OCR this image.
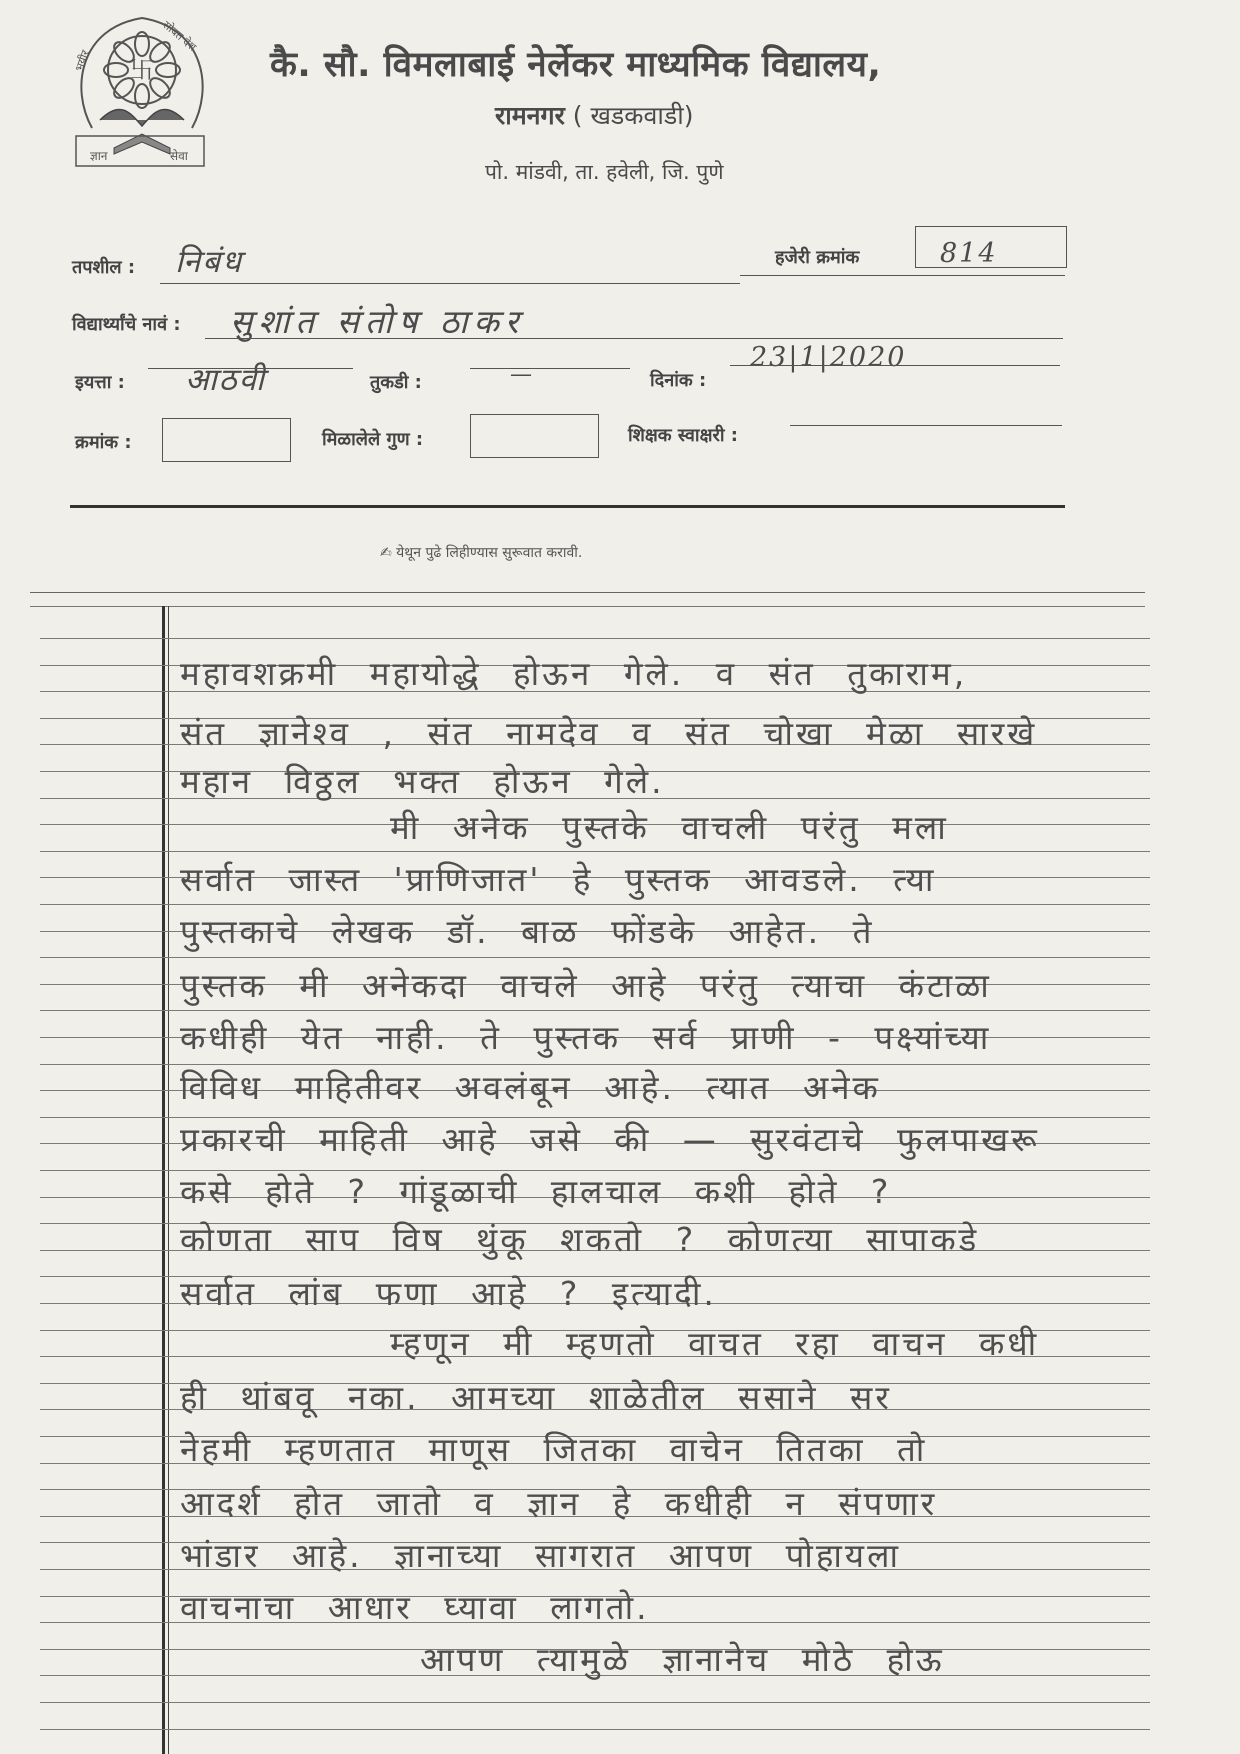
卐
भयीर
सोबत देश
ज्ञान	सेवा
कै. सौ. विमलाबाई नेर्लेकर माध्यमिक विद्यालय,
रामनगर ( खडकवाडी)
पो. मांडवी, ता. हवेली, जि. पुणे
तपशील : निबंध	हजेरी क्रमांक	814
विद्यार्थ्यांचे नावं : सुशांत संतोष ठाकर
इयत्ता : आठवी	तुकडी :	—	दिनांक :
23|1|2020
क्रमांक :	मिळालेले गुण :	शिक्षक स्वाक्षरी :
✍ येथून पुढे लिहीण्यास सुरूवात करावी.
महावशक्रमी महायोद्धे होऊन गेले. व संत तुकाराम,
संत ज्ञानेश्व , संत नामदेव व संत चोखा मेळा सारखे
महान विठ्ठल भक्त होऊन गेले.
मी अनेक पुस्तके वाचली परंतु मला
सर्वात जास्त 'प्राणिजात' हे पुस्तक आवडले. त्या
पुस्तकाचे लेखक डॉ. बाळ फोंडके आहेत. ते
पुस्तक मी अनेकदा वाचले आहे परंतु त्याचा कंटाळा
कधीही येत नाही. ते पुस्तक सर्व प्राणी - पक्ष्यांच्या
विविध माहितीवर अवलंबून आहे. त्यात अनेक
प्रकारची माहिती आहे जसे की — सुरवंटाचे फुलपाखरू
कसे होते ? गांडूळाची हालचाल कशी होते ?
कोणता साप विष थुंकू शकतो ? कोणत्या सापाकडे
सर्वात लांब फणा आहे ? इत्यादी.
म्हणून मी म्हणतो वाचत रहा वाचन कधी
ही थांबवू नका. आमच्या शाळेतील ससाने सर
नेहमी म्हणतात माणूस जितका वाचेन तितका तो
आदर्श होत जातो व ज्ञान हे कधीही न संपणार
भांडार आहे. ज्ञानाच्या सागरात आपण पोहायला
वाचनाचा आधार घ्यावा लागतो.
आपण त्यामुळे ज्ञानानेच मोठे होऊ
